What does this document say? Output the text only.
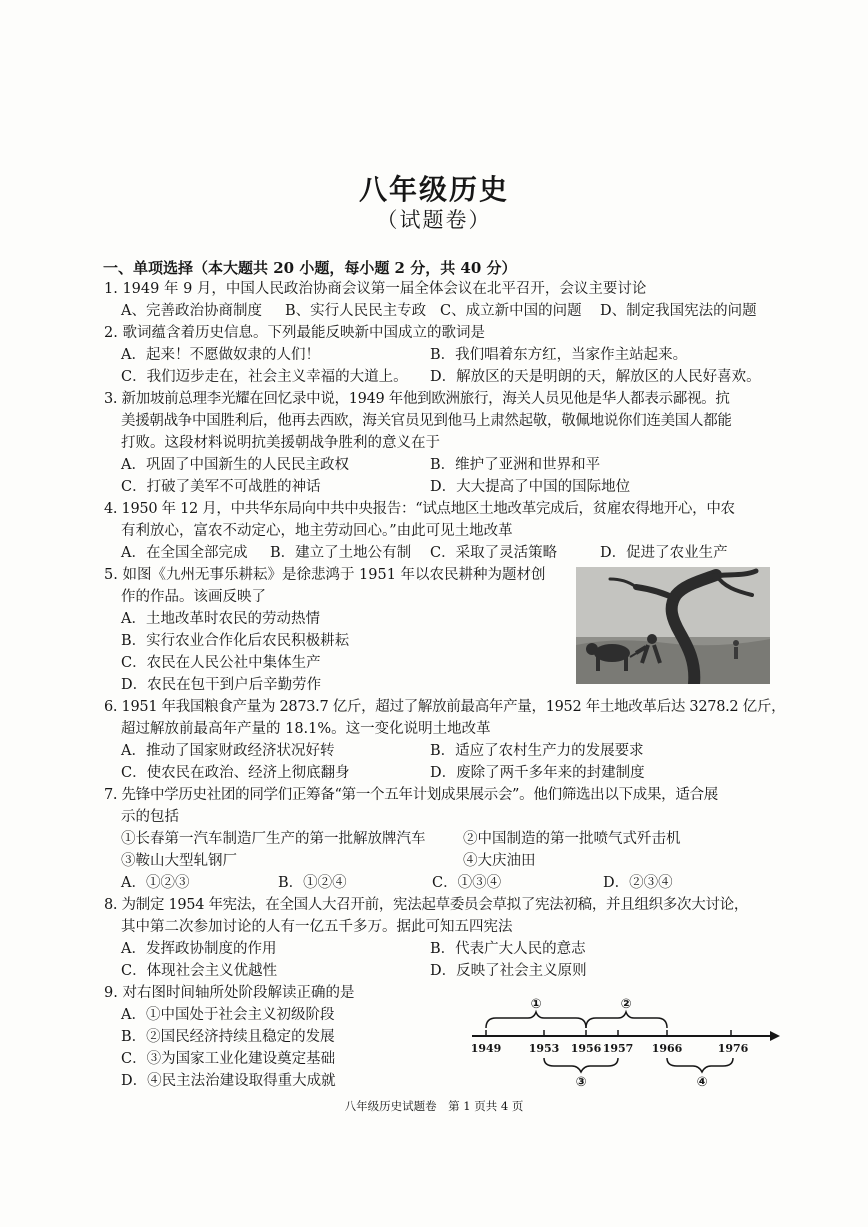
八年级历史
（试题卷）
一、单项选择（本大题共 20 小题，每小题 2 分，共 40 分）
1. 1949 年 9 月，中国人民政治协商会议第一届全体会议在北平召开，会议主要讨论
A、完善政治协商制度 B、实行人民民主专政 C、成立新中国的问题 D、制定我国宪法的问题
2. 歌词蕴含着历史信息。下列最能反映新中国成立的歌词是
A．起来！不愿做奴隶的人们！	B．我们唱着东方红，当家作主站起来。
C．我们迈步走在，社会主义幸福的大道上。 D．解放区的天是明朗的天，解放区的人民好喜欢。
3. 新加坡前总理李光耀在回忆录中说，1949 年他到欧洲旅行，海关人员见他是华人都表示鄙视。抗
美援朝战争中国胜利后，他再去西欧，海关官员见到他马上肃然起敬，敬佩地说你们连美国人都能
打败。这段材料说明抗美援朝战争胜利的意义在于
A．巩固了中国新生的人民民主政权	B．维护了亚洲和世界和平
C．打破了美军不可战胜的神话	D．大大提高了中国的国际地位
4. 1950 年 12 月，中共华东局向中共中央报告：“试点地区土地改革完成后，贫雇农得地开心，中农
有利放心，富农不动定心，地主劳动回心。”由此可见土地改革
A．在全国全部完成 B．建立了土地公有制 C．采取了灵活策略	D．促进了农业生产
5. 如图《九州无事乐耕耘》是徐悲鸿于 1951 年以农民耕种为题材创
作的作品。该画反映了
A．土地改革时农民的劳动热情
B．实行农业合作化后农民积极耕耘
C．农民在人民公社中集体生产
D．农民在包干到户后辛勤劳作
6. 1951 年我国粮食产量为 2873.7 亿斤，超过了解放前最高年产量，1952 年土地改革后达 3278.2 亿斤，
超过解放前最高年产量的 18.1%。这一变化说明土地改革
A．推动了国家财政经济状况好转	B．适应了农村生产力的发展要求
C．使农民在政治、经济上彻底翻身	D．废除了两千多年来的封建制度
7. 先锋中学历史社团的同学们正筹备“第一个五年计划成果展示会”。他们筛选出以下成果，适合展
示的包括
①长春第一汽车制造厂生产的第一批解放牌汽车	②中国制造的第一批喷气式歼击机
③鞍山大型轧钢厂	④大庆油田
A．①②③	B．①②④	C．①③④	D．②③④
8. 为制定 1954 年宪法，在全国人大召开前，宪法起草委员会草拟了宪法初稿，并且组织多次大讨论，
其中第二次参加讨论的人有一亿五千多万。据此可知五四宪法
A．发挥政协制度的作用	B．代表广大人民的意志
C．体现社会主义优越性	D．反映了社会主义原则
9. 对右图时间轴所处阶段解读正确的是
A．①中国处于社会主义初级阶段
B．②国民经济持续且稳定的发展
C．③为国家工业化建设奠定基础
D．④民主法治建设取得重大成就
1949 1953 1956 1957 1966	1976
①	②
③	④
八年级历史试题卷　第 1 页共 4 页
